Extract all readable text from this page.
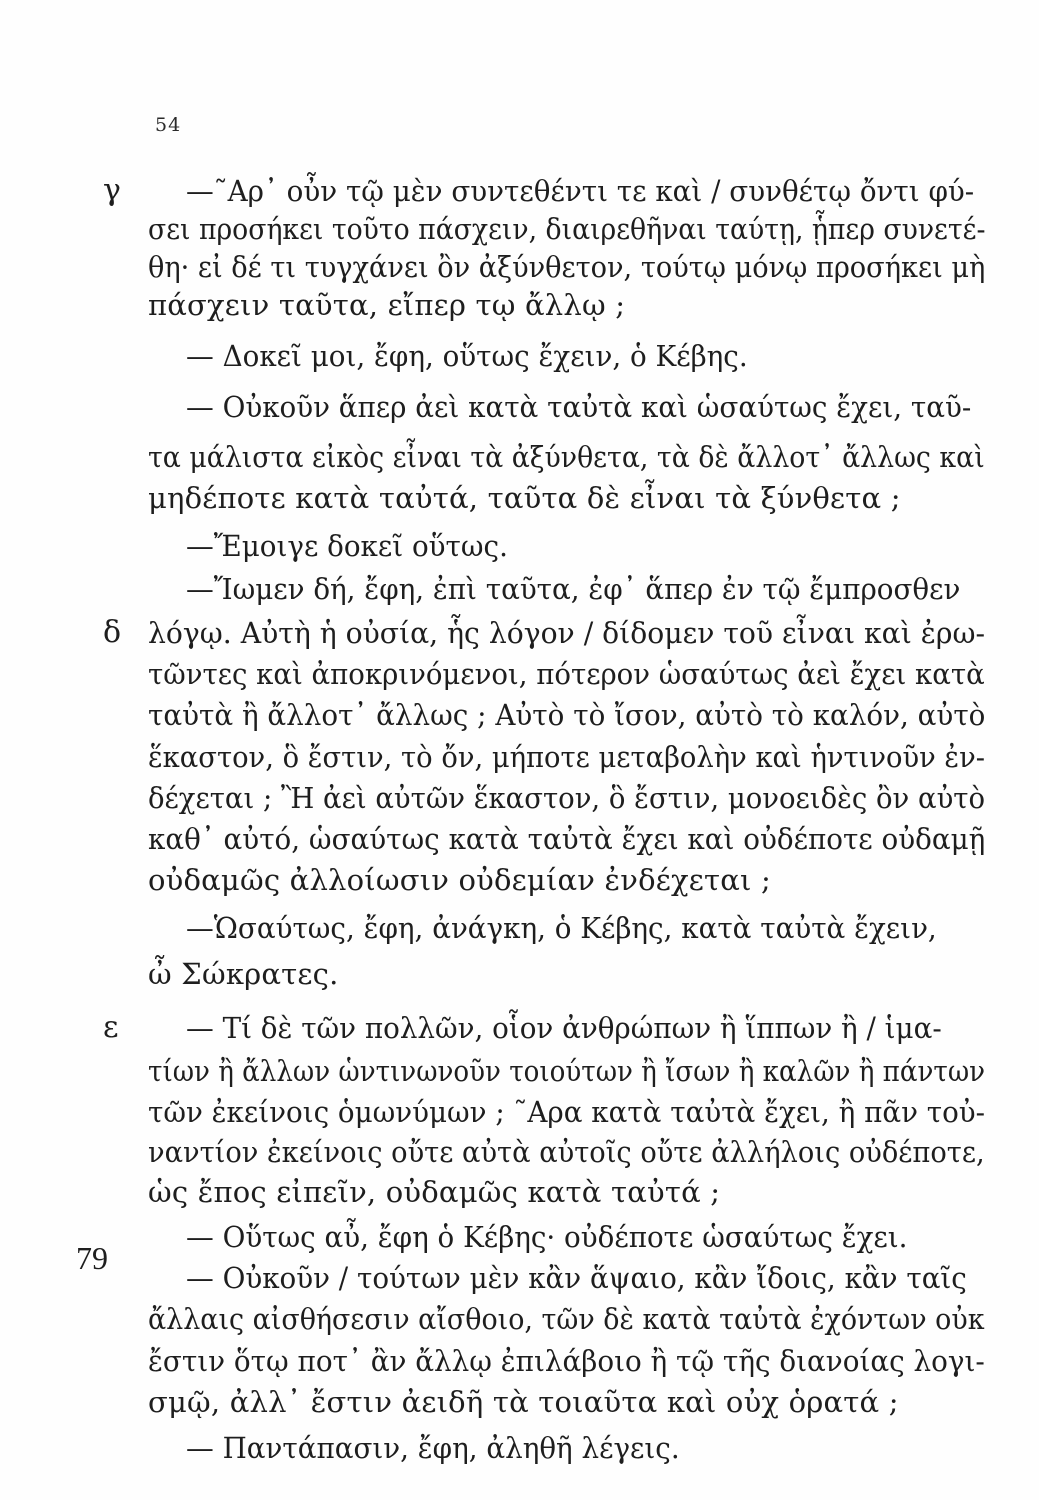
54
γ
δ
ε
79
—˜Αρ᾽ οὖν τῷ μὲν συντεθέντι τε καὶ / συνθέτῳ ὄντι φύ-
σει προσήκει τοῦτο πάσχειν, διαιρεθῆναι ταύτῃ, ᾗπερ συνετέ-
θη· εἰ δέ τι τυγχάνει ὂν ἀξύνθετον, τούτῳ μόνῳ προσήκει μὴ
πάσχειν ταῦτα, εἴπερ τῳ ἄλλῳ ;
— Δοκεῖ μοι, ἔφη, οὕτως ἔχειν, ὁ Κέβης.
— Οὐκοῦν ἅπερ ἀεὶ κατὰ ταὐτὰ καὶ ὡσαύτως ἔχει, ταῦ-
τα μάλιστα εἰκὸς εἶναι τὰ ἀξύνθετα, τὰ δὲ ἄλλοτ᾽ ἄλλως καὶ
μηδέποτε κατὰ ταὐτά, ταῦτα δὲ εἶναι τὰ ξύνθετα ;
—Ἔμοιγε δοκεῖ οὕτως.
—Ἴωμεν δή, ἔφη, ἐπὶ ταῦτα, ἐφ᾽ ἅπερ ἐν τῷ ἔμπροσθεν
λόγῳ. Αὐτὴ ἡ οὐσία, ἧς λόγον / δίδομεν τοῦ εἶναι καὶ ἐρω-
τῶντες καὶ ἀποκρινόμενοι, πότερον ὡσαύτως ἀεὶ ἔχει κατὰ
ταὐτὰ ἢ ἄλλοτ᾽ ἄλλως ; Αὐτὸ τὸ ἴσον, αὐτὸ τὸ καλόν, αὐτὸ
ἕκαστον, ὃ ἔστιν, τὸ ὄν, μήποτε μεταβολὴν καὶ ἡντινοῦν ἐν-
δέχεται ; Ἢ ἀεὶ αὐτῶν ἕκαστον, ὃ ἔστιν, μονοειδὲς ὂν αὐτὸ
καθ᾽ αὐτό, ὡσαύτως κατὰ ταὐτὰ ἔχει καὶ οὐδέποτε οὐδαμῇ
οὐδαμῶς ἀλλοίωσιν οὐδεμίαν ἐνδέχεται ;
—Ὡσαύτως, ἔφη, ἀνάγκη, ὁ Κέβης, κατὰ ταὐτὰ ἔχειν,
ὦ Σώκρατες.
— Τί δὲ τῶν πολλῶν, οἷον ἀνθρώπων ἢ ἵππων ἢ / ἱμα-
τίων ἢ ἄλλων ὡντινωνοῦν τοιούτων ἢ ἴσων ἢ καλῶν ἢ πάντων
τῶν ἐκείνοις ὁμωνύμων ; ˜Αρα κατὰ ταὐτὰ ἔχει, ἢ πᾶν τοὐ-
ναντίον ἐκείνοις οὔτε αὐτὰ αὐτοῖς οὔτε ἀλλήλοις οὐδέποτε,
ὡς ἔπος εἰπεῖν, οὐδαμῶς κατὰ ταὐτά ;
— Οὕτως αὖ, ἔφη ὁ Κέβης· οὐδέποτε ὡσαύτως ἔχει.
— Οὐκοῦν / τούτων μὲν κἂν ἅψαιο, κἂν ἴδοις, κἂν ταῖς
ἄλλαις αἰσθήσεσιν αἴσθοιο, τῶν δὲ κατὰ ταὐτὰ ἐχόντων οὐκ
ἔστιν ὅτῳ ποτ᾽ ἂν ἄλλῳ ἐπιλάβοιο ἢ τῷ τῆς διανοίας λογι-
σμῷ, ἀλλ᾽ ἔστιν ἀειδῆ τὰ τοιαῦτα καὶ οὐχ ὁρατά ;
— Παντάπασιν, ἔφη, ἀληθῆ λέγεις.
